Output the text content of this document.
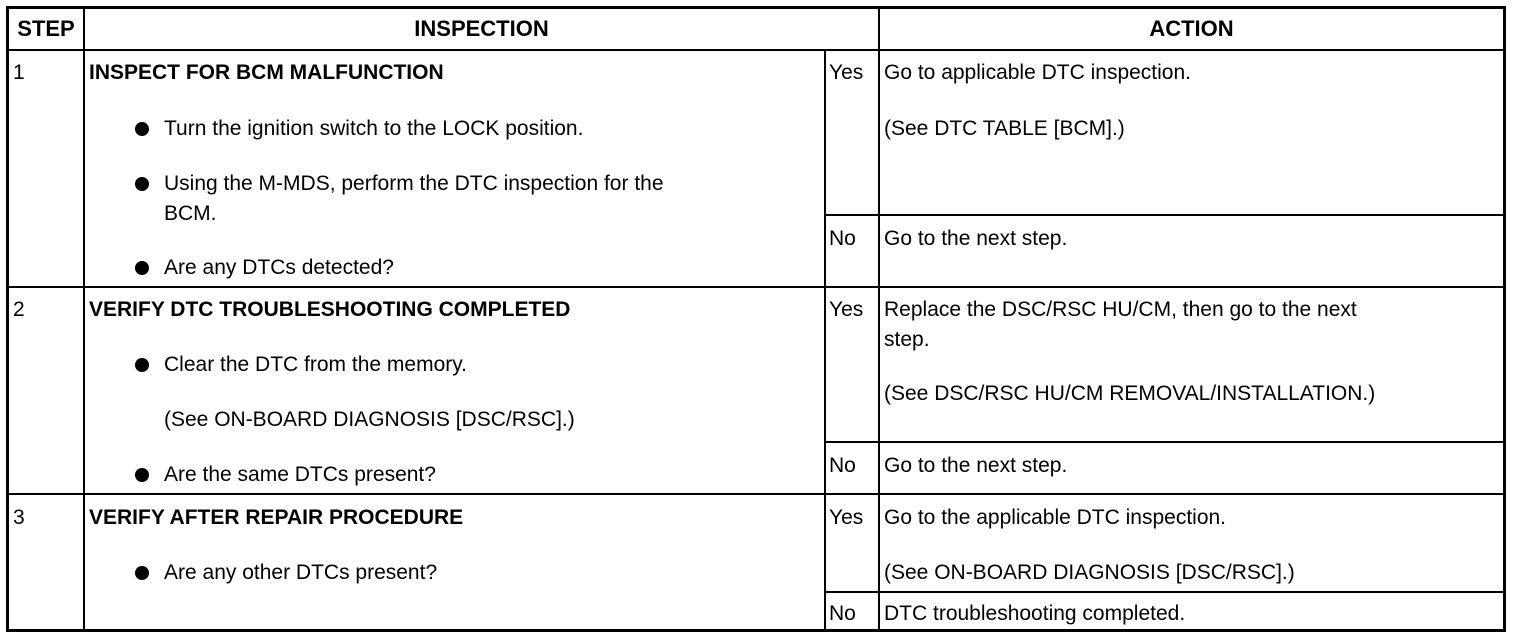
STEP	INSPECTION	ACTION
1	INSPECT FOR BCM MALFUNCTION
Turn the ignition switch to the LOCK position.
Using the M-MDS, perform the DTC inspection for the
BCM.
Are any DTCs detected?
Yes Go to applicable DTC inspection.
(See DTC TABLE [BCM].)
No Go to the next step.
2	VERIFY DTC TROUBLESHOOTING COMPLETED
Clear the DTC from the memory.
(See ON-BOARD DIAGNOSIS [DSC/RSC].)
Are the same DTCs present?
Yes Replace the DSC/RSC HU/CM, then go to the next
step.
(See DSC/RSC HU/CM REMOVAL/INSTALLATION.)
No Go to the next step.
3	VERIFY AFTER REPAIR PROCEDURE
Are any other DTCs present?
Yes Go to the applicable DTC inspection.
(See ON-BOARD DIAGNOSIS [DSC/RSC].)
No DTC troubleshooting completed.
